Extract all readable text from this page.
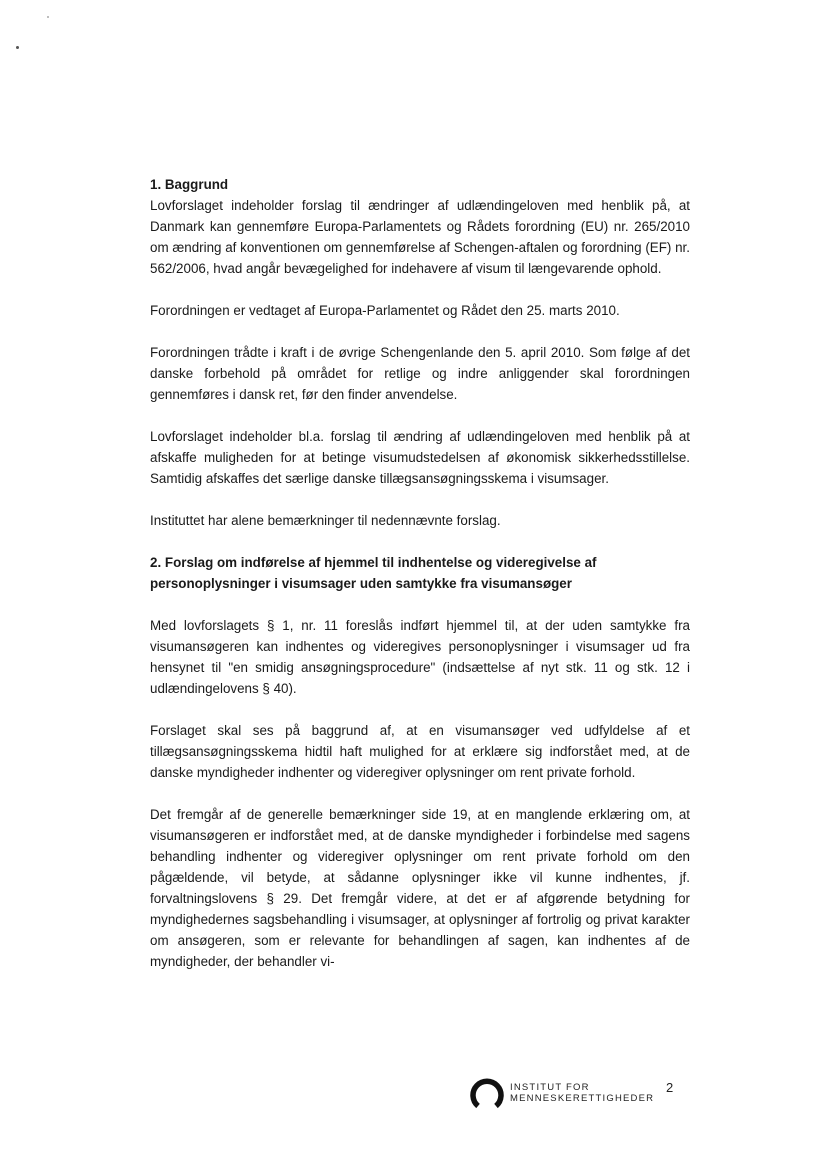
1. Baggrund

Lovforslaget indeholder forslag til ændringer af udlændingeloven med henblik på, at Danmark kan gennemføre Europa-Parlamentets og Rådets forordning (EU) nr. 265/2010 om ændring af konventionen om gennemførelse af Schengen-aftalen og forordning (EF) nr. 562/2006, hvad angår bevægelighed for indehavere af visum til længevarende ophold.

Forordningen er vedtaget af Europa-Parlamentet og Rådet den 25. marts 2010.

Forordningen trådte i kraft i de øvrige Schengenlande den 5. april 2010. Som følge af det danske forbehold på området for retlige og indre anliggender skal forordningen gennemføres i dansk ret, før den finder anvendelse.

Lovforslaget indeholder bl.a. forslag til ændring af udlændingeloven med henblik på at afskaffe muligheden for at betinge visumudstedelsen af økonomisk sikkerhedsstillelse. Samtidig afskaffes det særlige danske tillægsansøgningsskema i visumsager.

Instituttet har alene bemærkninger til nedennævnte forslag.

2. Forslag om indførelse af hjemmel til indhentelse og videregivelse af personoplysninger i visumsager uden samtykke fra visumansøger

Med lovforslagets § 1, nr. 11 foreslås indført hjemmel til, at der uden samtykke fra visumansøgeren kan indhentes og videregives personoplysninger i visumsager ud fra hensynet til "en smidig ansøgningsprocedure" (indsættelse af nyt stk. 11 og stk. 12 i udlændingelovens § 40).

Forslaget skal ses på baggrund af, at en visumansøger ved udfyldelse af et tillægsansøgningsskema hidtil haft mulighed for at erklære sig indforstået med, at de danske myndigheder indhenter og videregiver oplysninger om rent private forhold.

Det fremgår af de generelle bemærkninger side 19, at en manglende erklæring om, at visumansøgeren er indforstået med, at de danske myndigheder i forbindelse med sagens behandling indhenter og videregiver oplysninger om rent private forhold om den pågældende, vil betyde, at sådanne oplysninger ikke vil kunne indhentes, jf. forvaltningslovens § 29. Det fremgår videre, at det er af afgørende betydning for myndighedernes sagsbehandling i visumsager, at oplysninger af fortrolig og privat karakter om ansøgeren, som er relevante for behandlingen af sagen, kan indhentes af de myndigheder, der behandler vi-

INSTITUT FOR
MENNESKERETTIGHEDER
2
